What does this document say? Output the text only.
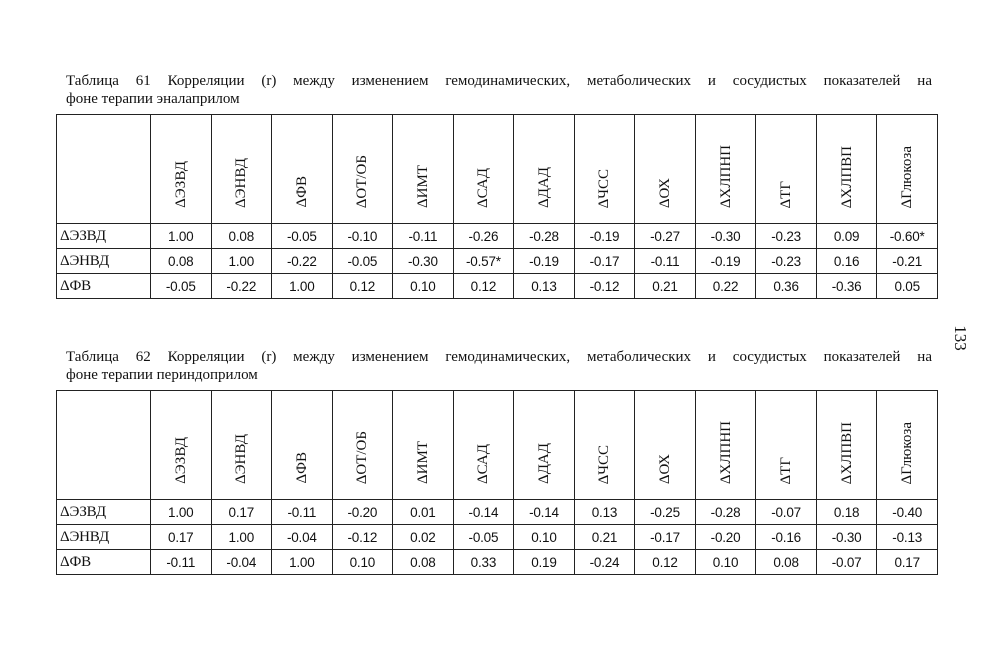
Таблица 61 Корреляции (r) между изменением гемодинамических, метаболических и сосудистых показателей на
фоне терапии эналаприлом
	ΔЭЗВД	ΔЭНВД	ΔФВ	ΔОТ/ОБ	ΔИМТ	ΔСАД	ΔДАД	ΔЧСС	ΔОХ	ΔХЛПНП	ΔТГ	ΔХЛПВП	ΔГлюкоза
ΔЭЗВД	1.00	0.08	-0.05	-0.10	-0.11	-0.26	-0.28	-0.19	-0.27	-0.30	-0.23	0.09	-0.60*
ΔЭНВД	0.08	1.00	-0.22	-0.05	-0.30	-0.57*	-0.19	-0.17	-0.11	-0.19	-0.23	0.16	-0.21
ΔФВ	-0.05	-0.22	1.00	0.12	0.10	0.12	0.13	-0.12	0.21	0.22	0.36	-0.36	0.05
Таблица 62 Корреляции (r) между изменением гемодинамических, метаболических и сосудистых показателей на
фоне терапии периндоприлом
	ΔЭЗВД	ΔЭНВД	ΔФВ	ΔОТ/ОБ	ΔИМТ	ΔСАД	ΔДАД	ΔЧСС	ΔОХ	ΔХЛПНП	ΔТГ	ΔХЛПВП	ΔГлюкоза
ΔЭЗВД	1.00	0.17	-0.11	-0.20	0.01	-0.14	-0.14	0.13	-0.25	-0.28	-0.07	0.18	-0.40
ΔЭНВД	0.17	1.00	-0.04	-0.12	0.02	-0.05	0.10	0.21	-0.17	-0.20	-0.16	-0.30	-0.13
ΔФВ	-0.11	-0.04	1.00	0.10	0.08	0.33	0.19	-0.24	0.12	0.10	0.08	-0.07	0.17
133
